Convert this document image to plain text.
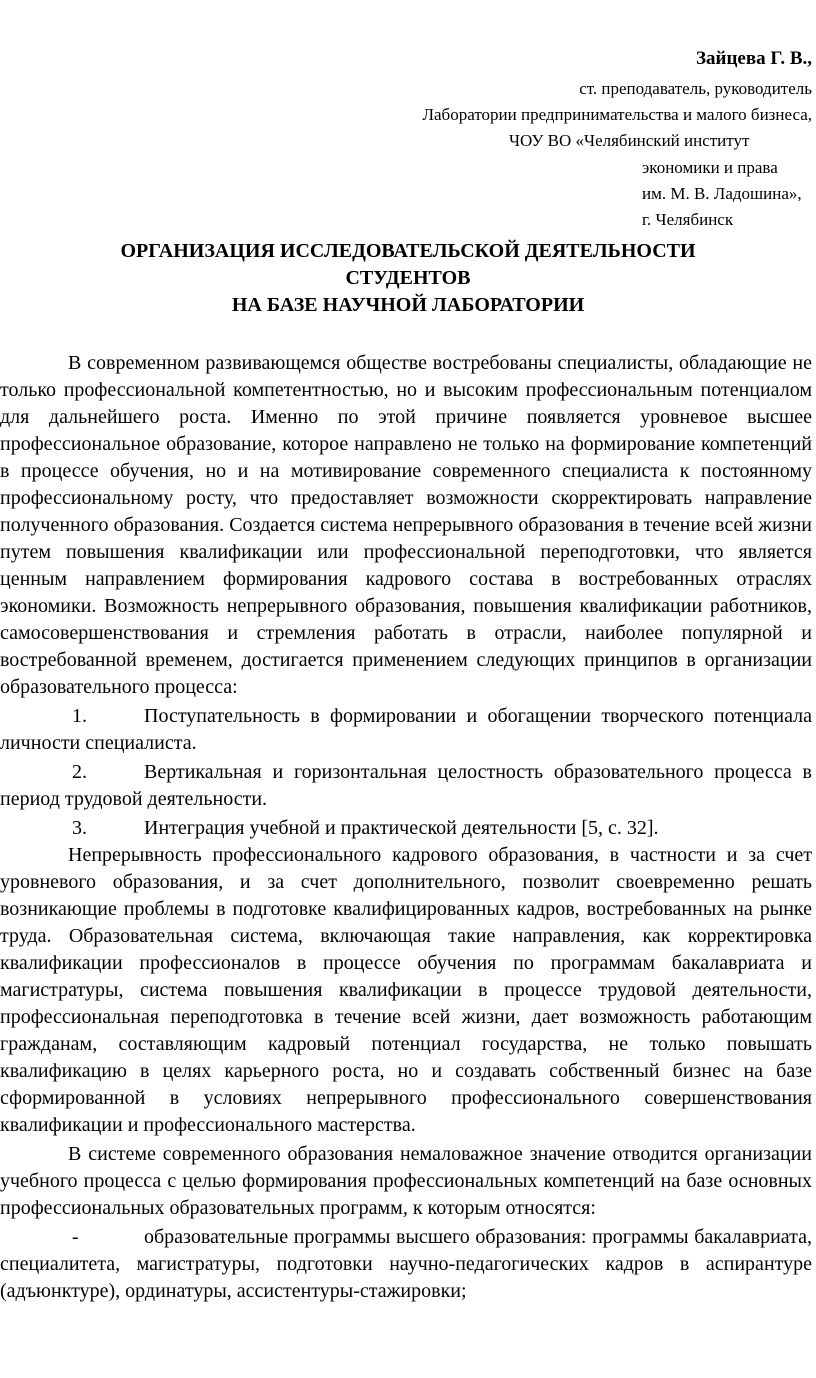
Зайцева Г. В.,
ст. преподаватель, руководитель
Лаборатории предпринимательства и малого бизнеса,
ЧОУ ВО «Челябинский институт
экономики и права
им. М. В. Ладошина»,
г. Челябинск
ОРГАНИЗАЦИЯ ИССЛЕДОВАТЕЛЬСКОЙ ДЕЯТЕЛЬНОСТИ
СТУДЕНТОВ
НА БАЗЕ НАУЧНОЙ ЛАБОРАТОРИИ

В современном развивающемся обществе востребованы специалисты, обладающие не только профессиональной компетентностью, но и высоким профессиональным потенциалом для дальнейшего роста. Именно по этой причине появляется уровневое высшее профессиональное образование, которое направлено не только на формирование компетенций в процессе обучения, но и на мотивирование современного специалиста к постоянному профессиональному росту, что предоставляет возможности скорректировать направление полученного образования. Создается система непрерывного образования в течение всей жизни путем повышения квалификации или профессиональной переподготовки, что является ценным направлением формирования кадрового состава в востребованных отраслях экономики. Возможность непрерывного образования, повышения квалификации работников, самосовершенствования и стремления работать в отрасли, наиболее популярной и востребованной временем, достигается применением следующих принципов в организации образовательного процесса:

1.	Поступательность в формировании и обогащении творческого потенциала личности специалиста.

2.	Вертикальная и горизонтальная целостность образовательного процесса в период трудовой деятельности.

3.	Интеграция учебной и практической деятельности [5, с. 32].

Непрерывность профессионального кадрового образования, в частности и за счет уровневого образования, и за счет дополнительного, позволит своевременно решать возникающие проблемы в подготовке квалифицированных кадров, востребованных на рынке труда. Образовательная система, включающая такие направления, как корректировка квалификации профессионалов в процессе обучения по программам бакалавриата и магистратуры, система повышения квалификации в процессе трудовой деятельности, профессиональная переподготовка в течение всей жизни, дает возможность работающим гражданам, составляющим кадровый потенциал государства, не только повышать квалификацию в целях карьерного роста, но и создавать собственный бизнес на базе сформированной в условиях непрерывного профессионального совершенствования квалификации и профессионального мастерства.

В системе современного образования немаловажное значение отводится организации учебного процесса с целью формирования профессиональных компетенций на базе основных профессиональных образовательных программ, к которым относятся:

-	образовательные программы высшего образования: программы бакалавриата, специалитета, магистратуры, подготовки научно-педагогических кадров в аспирантуре (адъюнктуре), ординатуры, ассистентуры-стажировки;
